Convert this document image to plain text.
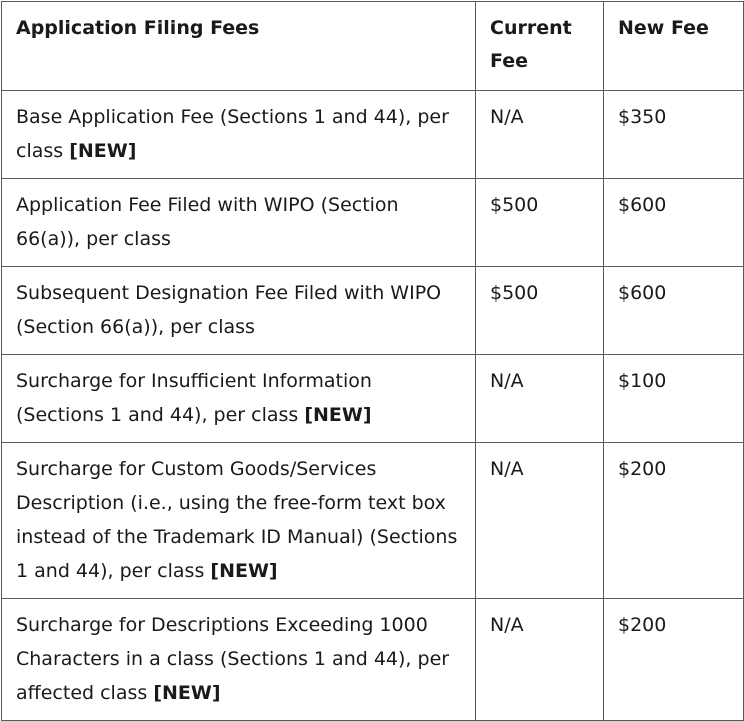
Application Filing Fees	Current Fee	New Fee
Base Application Fee (Sections 1 and 44), per class [NEW]	N/A	$350
Application Fee Filed with WIPO (Section 66(a)), per class	$500	$600
Subsequent Designation Fee Filed with WIPO (Section 66(a)), per class	$500	$600
Surcharge for Insufficient Information (Sections 1 and 44), per class [NEW]	N/A	$100
Surcharge for Custom Goods/Services Description (i.e., using the free-form text box instead of the Trademark ID Manual) (Sections 1 and 44), per class [NEW]	N/A	$200
Surcharge for Descriptions Exceeding 1000 Characters in a class (Sections 1 and 44), per affected class [NEW]	N/A	$200
